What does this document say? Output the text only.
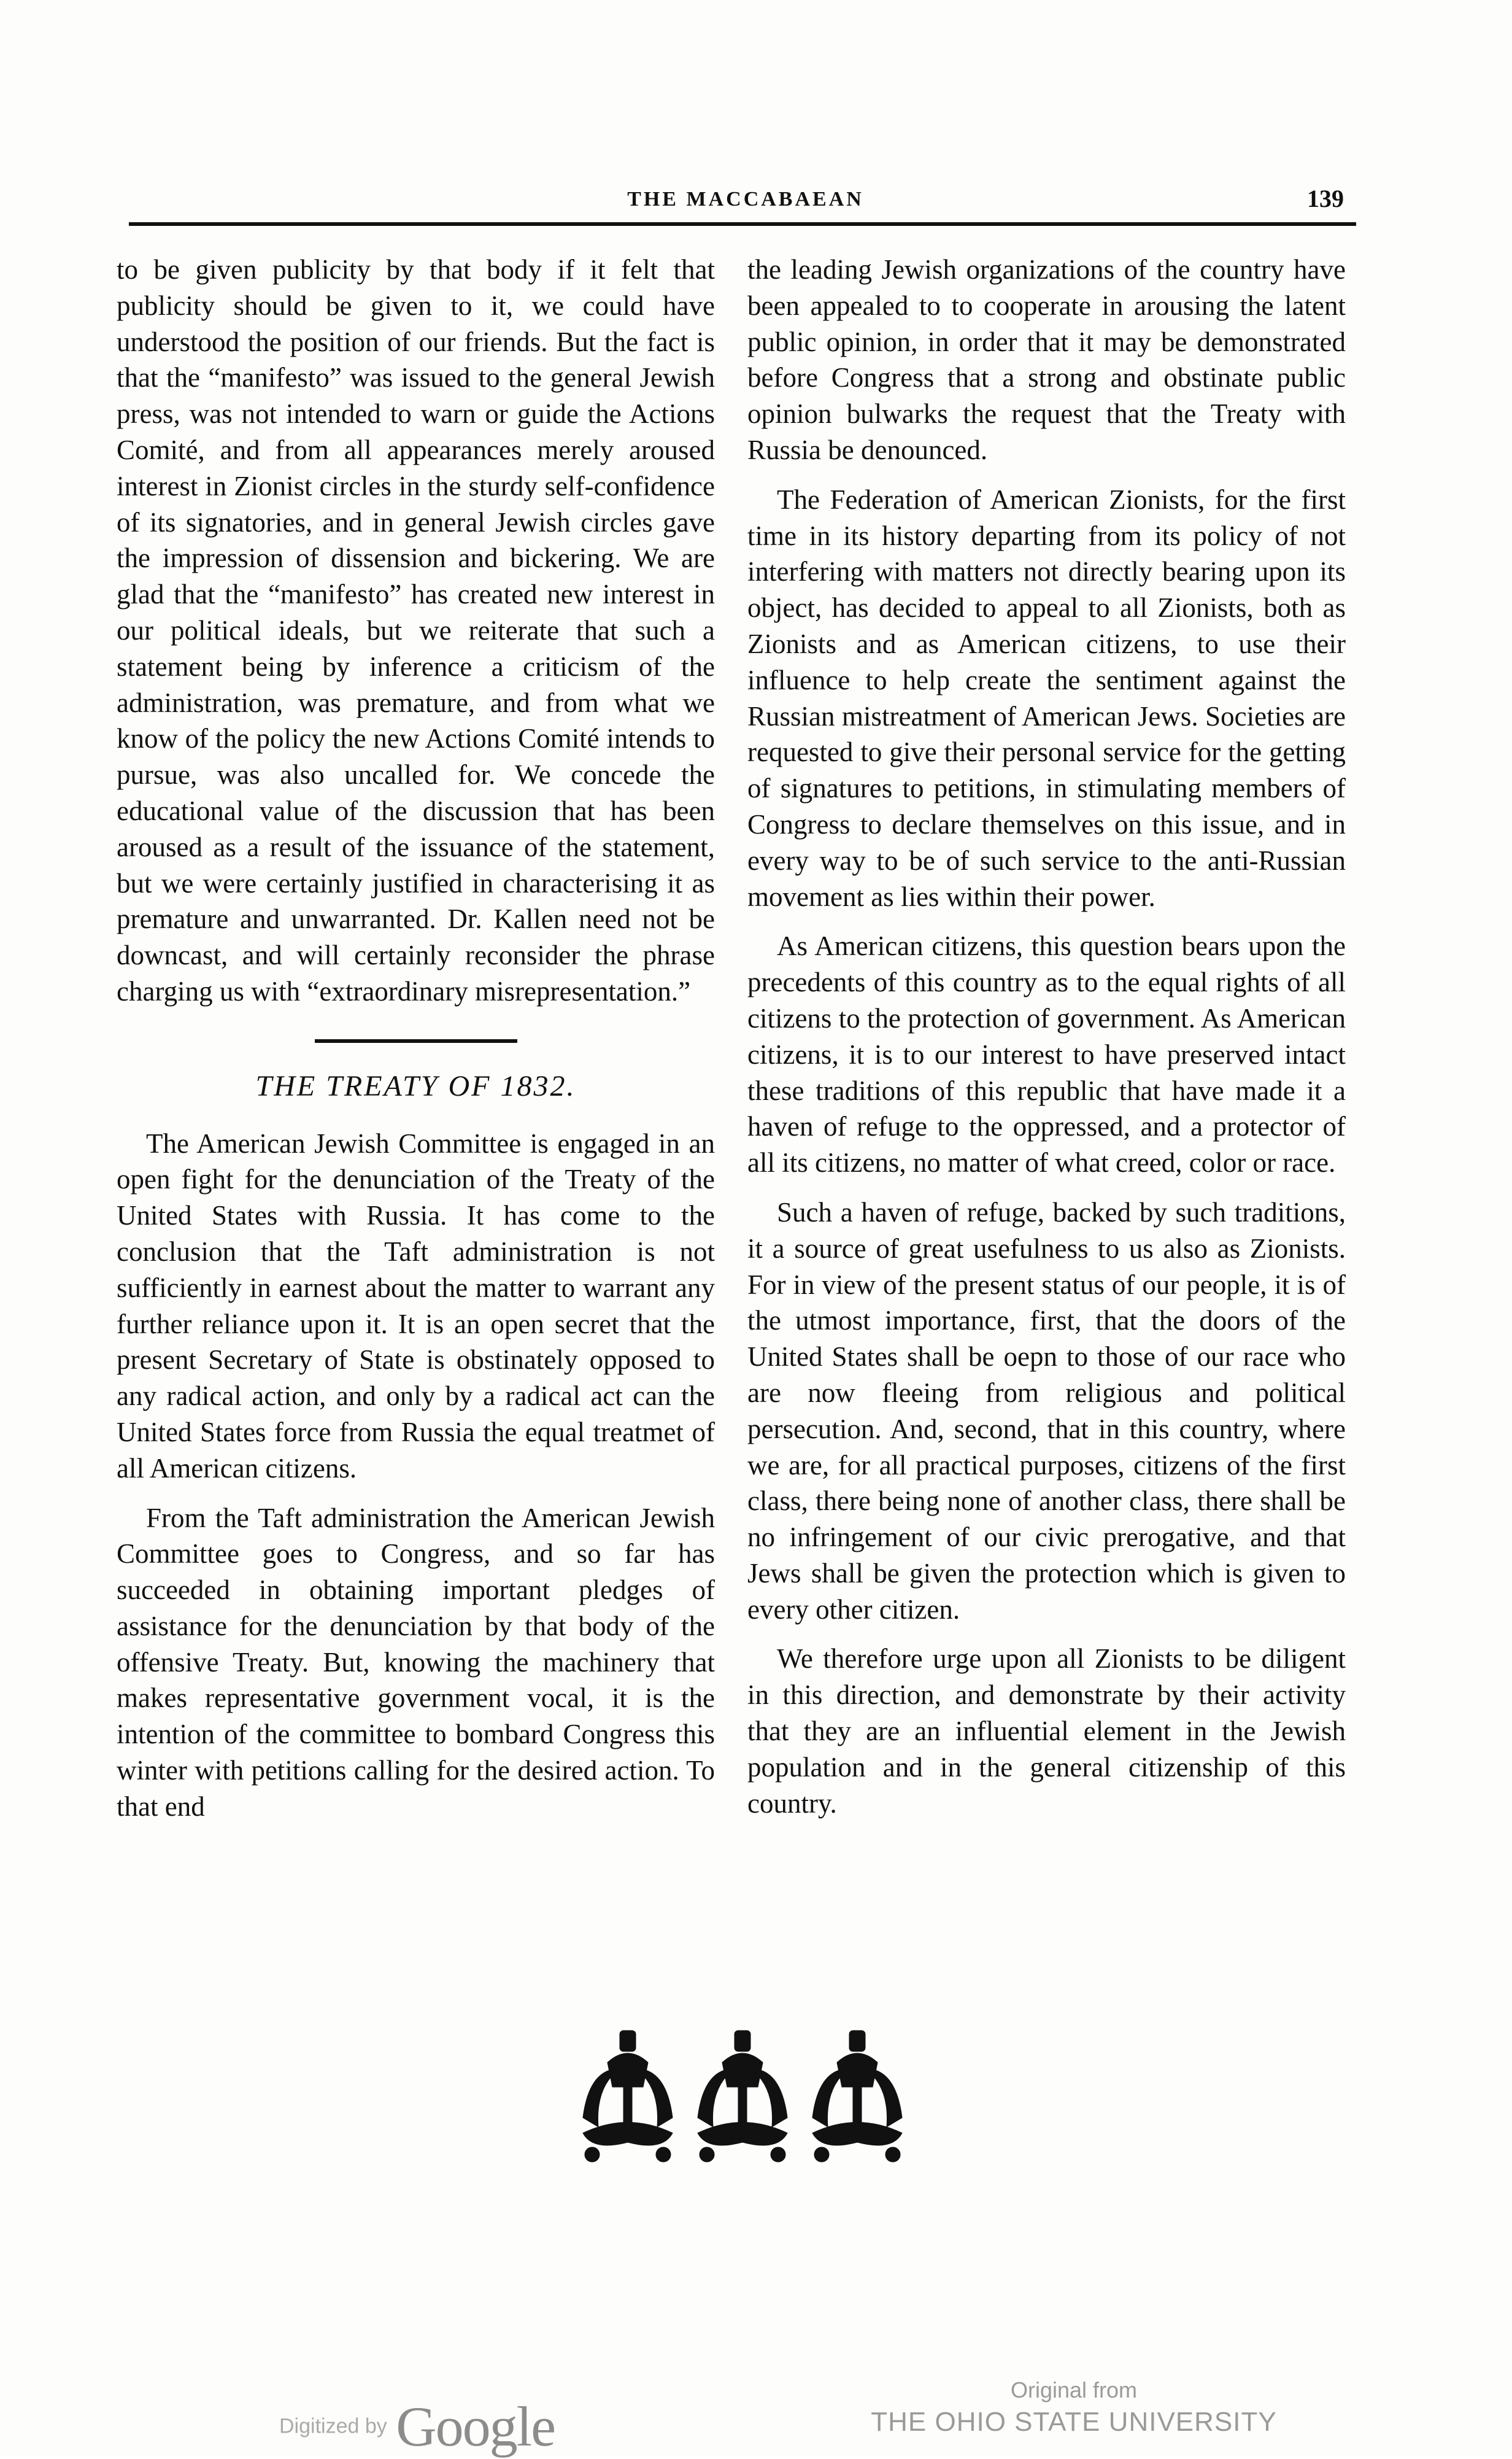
THE MACCABAEAN	139

to be given publicity by that body if it felt that publicity should be given to it, we could have understood the position of our friends. But the fact is that the “manifesto” was issued to the general Jewish press, was not intended to warn or guide the Actions Comité, and from all appearances merely aroused interest in Zionist circles in the sturdy self-confidence of its signatories, and in general Jewish circles gave the impression of dissension and bickering. We are glad that the “manifesto” has created new interest in our political ideals, but we reiterate that such a statement being by inference a criticism of the administration, was premature, and from what we know of the policy the new Actions Comité intends to pursue, was also uncalled for. We concede the educational value of the discussion that has been aroused as a result of the issuance of the statement, but we were certainly justified in characterising it as premature and unwarranted. Dr. Kallen need not be downcast, and will certainly reconsider the phrase charging us with “extraordinary misrepresentation.”

THE TREATY OF 1832.

The American Jewish Committee is engaged in an open fight for the denunciation of the Treaty of the United States with Russia. It has come to the conclusion that the Taft administration is not sufficiently in earnest about the matter to warrant any further reliance upon it. It is an open secret that the present Secretary of State is obstinately opposed to any radical action, and only by a radical act can the United States force from Russia the equal treatmet of all American citizens.

From the Taft administration the American Jewish Committee goes to Congress, and so far has succeeded in obtaining important pledges of assistance for the denunciation by that body of the offensive Treaty. But, knowing the machinery that makes representative government vocal, it is the intention of the committee to bombard Congress this winter with petitions calling for the desired action. To that end

the leading Jewish organizations of the country have been appealed to to cooperate in arousing the latent public opinion, in order that it may be demonstrated before Congress that a strong and obstinate public opinion bulwarks the request that the Treaty with Russia be denounced.

The Federation of American Zionists, for the first time in its history departing from its policy of not interfering with matters not directly bearing upon its object, has decided to appeal to all Zionists, both as Zionists and as American citizens, to use their influence to help create the sentiment against the Russian mistreatment of American Jews. Societies are requested to give their personal service for the getting of signatures to petitions, in stimulating members of Congress to declare themselves on this issue, and in every way to be of such service to the anti-Russian movement as lies within their power.

As American citizens, this question bears upon the precedents of this country as to the equal rights of all citizens to the protection of government. As American citizens, it is to our interest to have preserved intact these traditions of this republic that have made it a haven of refuge to the oppressed, and a protector of all its citizens, no matter of what creed, color or race.

Such a haven of refuge, backed by such traditions, it a source of great usefulness to us also as Zionists. For in view of the present status of our people, it is of the utmost importance, first, that the doors of the United States shall be oepn to those of our race who are now fleeing from religious and political persecution. And, second, that in this country, where we are, for all practical purposes, citizens of the first class, there being none of another class, there shall be no infringement of our civic prerogative, and that Jews shall be given the protection which is given to every other citizen.

We therefore urge upon all Zionists to be diligent in this direction, and demonstrate by their activity that they are an influential element in the Jewish population and in the general citizenship of this country.

Digitized by Google
Original from
THE OHIO STATE UNIVERSITY
